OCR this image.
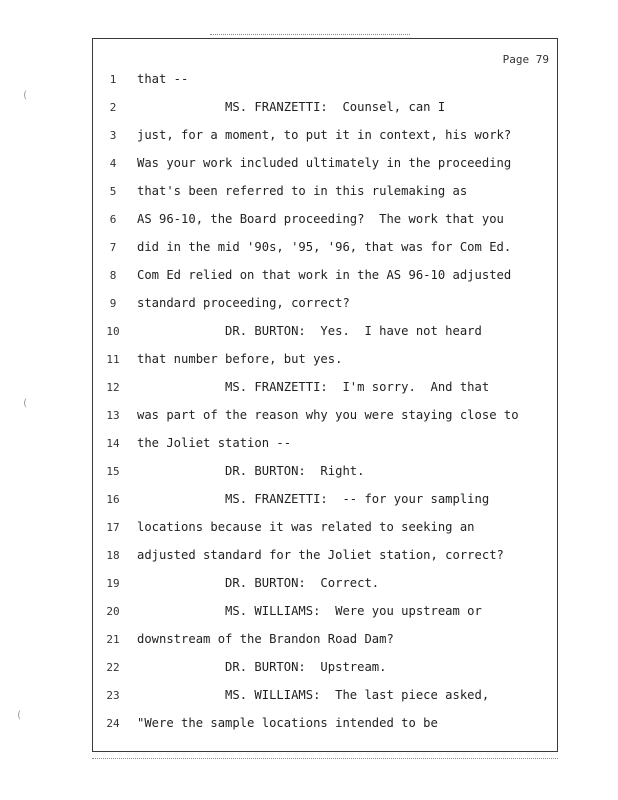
Page 79
1	that --
2	MS. FRANZETTI:  Counsel, can I
3	just, for a moment, to put it in context, his work?
4	Was your work included ultimately in the proceeding
5	that's been referred to in this rulemaking as
6	AS 96-10, the Board proceeding?  The work that you
7	did in the mid '90s, '95, '96, that was for Com Ed.
8	Com Ed relied on that work in the AS 96-10 adjusted
9	standard proceeding, correct?
10	DR. BURTON:  Yes.  I have not heard
11	that number before, but yes.
12	MS. FRANZETTI:  I'm sorry.  And that
13	was part of the reason why you were staying close to
14	the Joliet station --
15	DR. BURTON:  Right.
16	MS. FRANZETTI:  -- for your sampling
17	locations because it was related to seeking an
18	adjusted standard for the Joliet station, correct?
19	DR. BURTON:  Correct.
20	MS. WILLIAMS:  Were you upstream or
21	downstream of the Brandon Road Dam?
22	DR. BURTON:  Upstream.
23	MS. WILLIAMS:  The last piece asked,
24	"Were the sample locations intended to be
(
(
(
